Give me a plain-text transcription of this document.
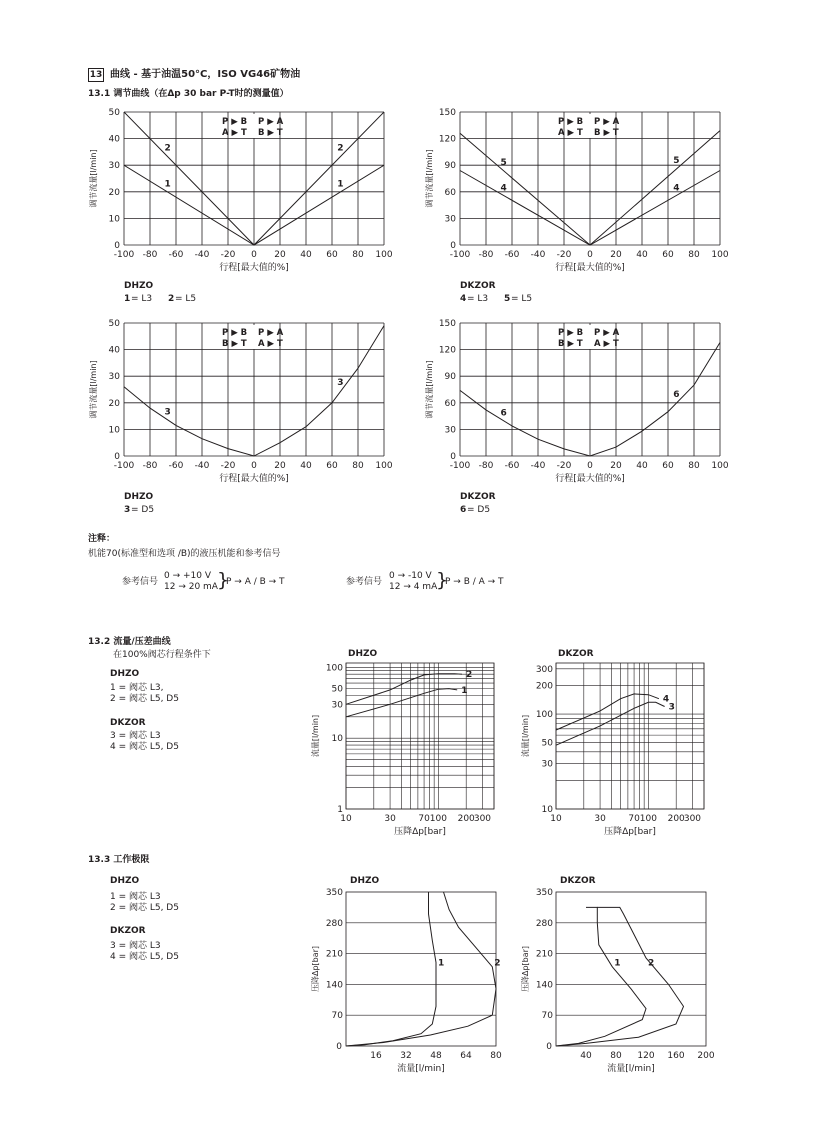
13 曲线 - 基于油温50°C，ISO VG46矿物油
13.1 调节曲线（在Δp 30 bar P-T时的测量值）
0
10
20
30
40
50
-100 -80 -60 -40 -20 0 20 40 60 80 100
行程[最大值的%]
调节流量[l/min]	1	1
2	2
P ▶ B
A ▶ T
P ▶ A
B ▶ T
DHZO
1 = L3 2 = L5
0
30
60
90
120
150
-100 -80 -60 -40 -20 0 20 40 60 80 100
行程[最大值的%]
调节流量[l/min]	4	4
5	5
P ▶ B
A ▶ T
P ▶ A
B ▶ T
DKZOR
4 = L3 5 = L5
0
10
20
30
40
50
-100 -80 -60 -40 -20 0 20 40 60 80 100
行程[最大值的%]
调节流量[l/min]	3
3
P ▶ B
B ▶ T
P ▶ A
A ▶ T
DHZO
3 = D5
0
30
60
90
120
150
-100 -80 -60 -40 -20 0 20 40 60 80 100
行程[最大值的%]
调节流量[l/min]	6
6
P ▶ B
B ▶ T
P ▶ A
A ▶ T
DKZOR
6 = D5
注释：
机能70(标准型和选项 /B)的液压机能和参考信号
参考信号
0 → +10 V
12 → 20 mA }
P → A / B → T	参考信号
0 → -10 V
12 → 4 mA
}
P → B / A → T
13.2 流量/压差曲线
在100%阀芯行程条件下
DHZO
1 = 阀芯 L3,
2 = 阀芯 L5, D5
DKZOR
3 = 阀芯 L3
4 = 阀芯 L5, D5
DHZO
1
10
30
50
100
10	30	70 100 200 300
压降Δp[bar]
流量[l/min]
1
2
DKZOR
10
30
50
100
200
300
10	30	70 100 200 300
压降Δp[bar]
流量[l/min]
3
4
13.3 工作极限
DHZO
1 = 阀芯 L3
2 = 阀芯 L5, D5
DKZOR
3 = 阀芯 L3
4 = 阀芯 L5, D5
DHZO
0
70
140
210
280
350
16 32 48 64 80
流量[l/min]
压降Δp[bar]	1	2
DKZOR
0
70
140
210
280
350
40 80 120 160 200
流量[l/min]
压降Δp[bar]	1	2
